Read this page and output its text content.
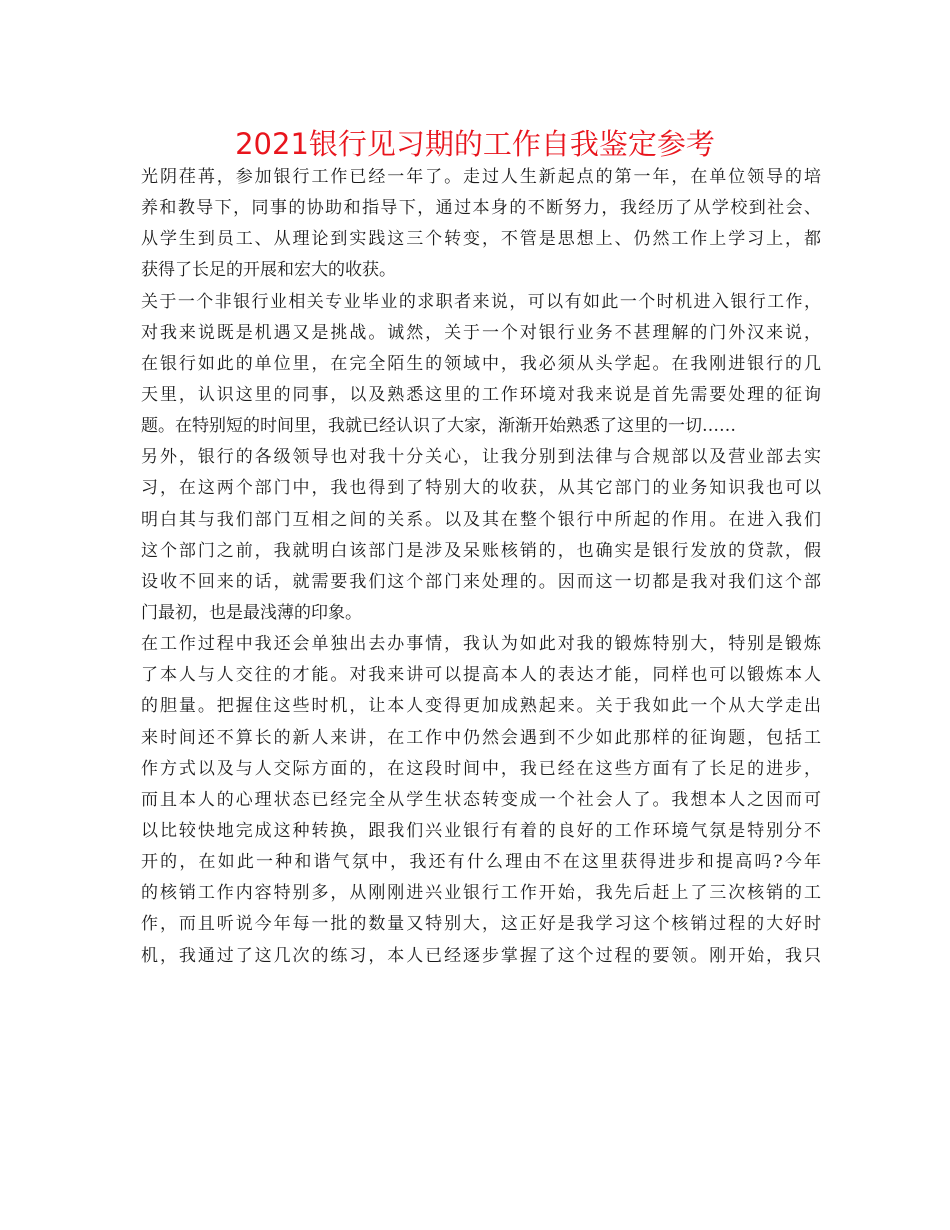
2021银行见习期的工作自我鉴定参考
光阴荏苒，参加银行工作已经一年了。走过人生新起点的第一年，在单位领导的培
养和教导下，同事的协助和指导下，通过本身的不断努力，我经历了从学校到社会、
从学生到员工、从理论到实践这三个转变，不管是思想上、仍然工作上学习上，都
获得了长足的开展和宏大的收获。
关于一个非银行业相关专业毕业的求职者来说，可以有如此一个时机进入银行工作，
对我来说既是机遇又是挑战。诚然，关于一个对银行业务不甚理解的门外汉来说，
在银行如此的单位里，在完全陌生的领域中，我必须从头学起。在我刚进银行的几
天里，认识这里的同事，以及熟悉这里的工作环境对我来说是首先需要处理的征询
题。在特别短的时间里，我就已经认识了大家，渐渐开始熟悉了这里的一切……
另外，银行的各级领导也对我十分关心，让我分别到法律与合规部以及营业部去实
习，在这两个部门中，我也得到了特别大的收获，从其它部门的业务知识我也可以
明白其与我们部门互相之间的关系。以及其在整个银行中所起的作用。在进入我们
这个部门之前，我就明白该部门是涉及呆账核销的，也确实是银行发放的贷款，假
设收不回来的话，就需要我们这个部门来处理的。因而这一切都是我对我们这个部
门最初，也是最浅薄的印象。
在工作过程中我还会单独出去办事情，我认为如此对我的锻炼特别大，特别是锻炼
了本人与人交往的才能。对我来讲可以提高本人的表达才能，同样也可以锻炼本人
的胆量。把握住这些时机，让本人变得更加成熟起来。关于我如此一个从大学走出
来时间还不算长的新人来讲，在工作中仍然会遇到不少如此那样的征询题，包括工
作方式以及与人交际方面的，在这段时间中，我已经在这些方面有了长足的进步，
而且本人的心理状态已经完全从学生状态转变成一个社会人了。我想本人之因而可
以比较快地完成这种转换，跟我们兴业银行有着的良好的工作环境气氛是特别分不
开的，在如此一种和谐气氛中，我还有什么理由不在这里获得进步和提高吗?今年
的核销工作内容特别多，从刚刚进兴业银行工作开始，我先后赶上了三次核销的工
作，而且听说今年每一批的数量又特别大，这正好是我学习这个核销过程的大好时
机，我通过了这几次的练习，本人已经逐步掌握了这个过程的要领。刚开始，我只
